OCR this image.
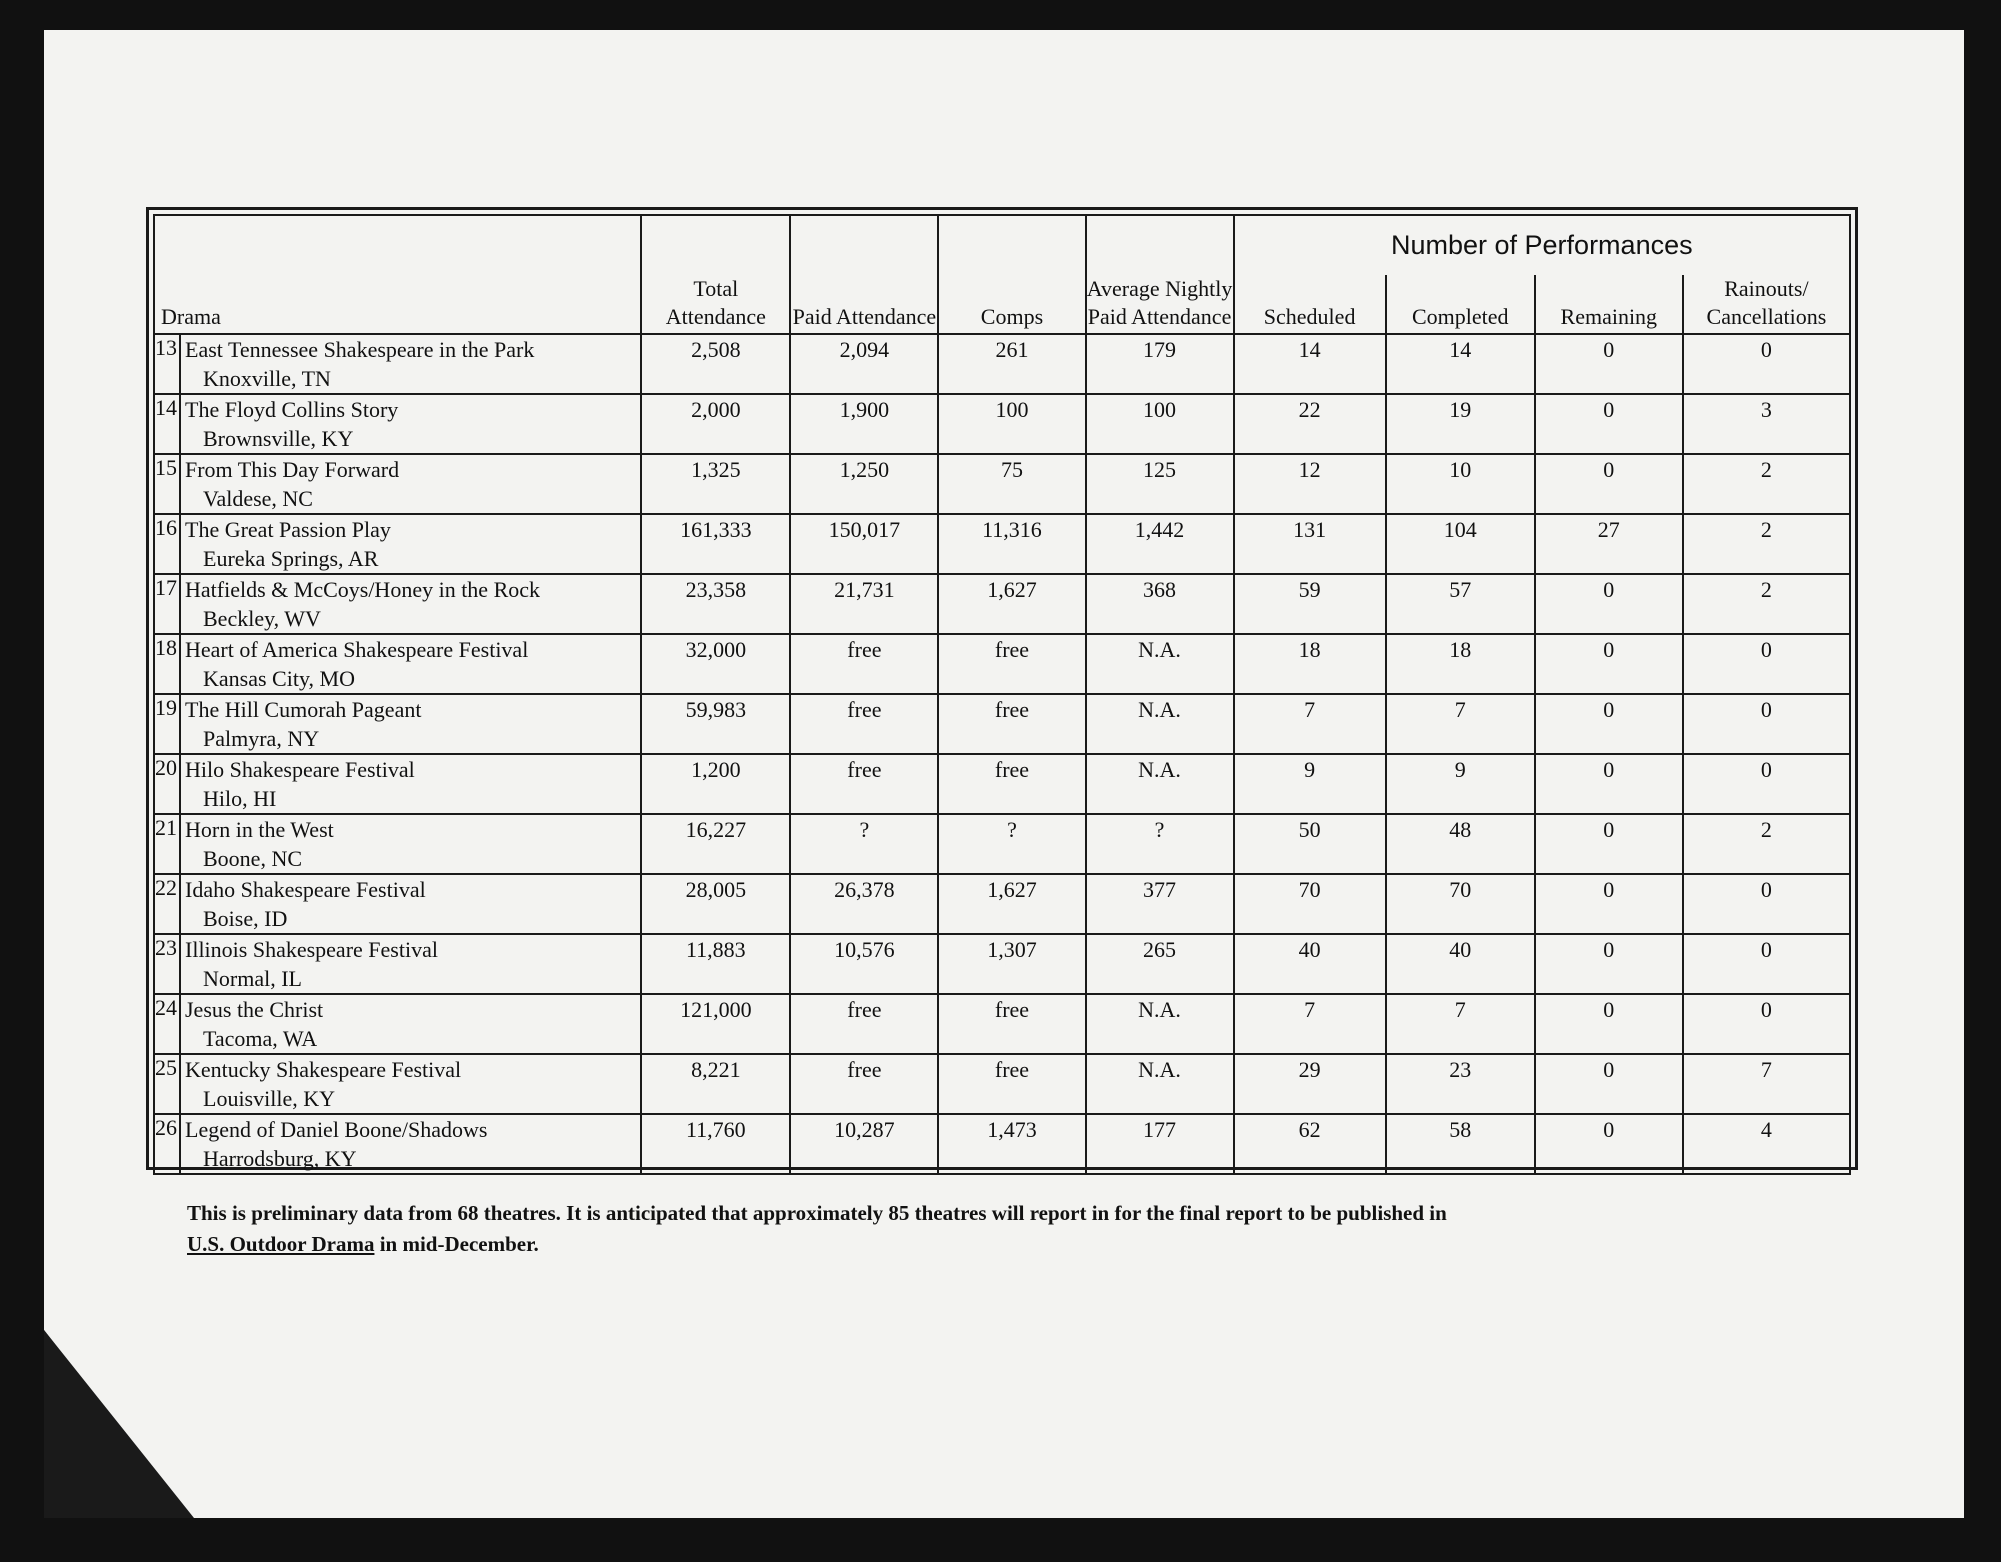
Drama		Total Attendance	Paid Attendance	Comps	Average Nightly Paid Attendance	Number of Performances			
						Scheduled	Completed	Remaining	Rainouts/ Cancellations
13	East Tennessee Shakespeare in the Park
Knoxville, TN	2,508	2,094	261	179	14	14	0	0
14	The Floyd Collins Story
Brownsville, KY	2,000	1,900	100	100	22	19	0	3
15	From This Day Forward
Valdese, NC	1,325	1,250	75	125	12	10	0	2
16	The Great Passion Play
Eureka Springs, AR	161,333	150,017	11,316	1,442	131	104	27	2
17	Hatfields & McCoys/Honey in the Rock
Beckley, WV	23,358	21,731	1,627	368	59	57	0	2
18	Heart of America Shakespeare Festival
Kansas City, MO	32,000	free	free	N.A.	18	18	0	0
19	The Hill Cumorah Pageant
Palmyra, NY	59,983	free	free	N.A.	7	7	0	0
20	Hilo Shakespeare Festival
Hilo, HI	1,200	free	free	N.A.	9	9	0	0
21	Horn in the West
Boone, NC	16,227	?	?	?	50	48	0	2
22	Idaho Shakespeare Festival
Boise, ID	28,005	26,378	1,627	377	70	70	0	0
23	Illinois Shakespeare Festival
Normal, IL	11,883	10,576	1,307	265	40	40	0	0
24	Jesus the Christ
Tacoma, WA	121,000	free	free	N.A.	7	7	0	0
25	Kentucky Shakespeare Festival
Louisville, KY	8,221	free	free	N.A.	29	23	0	7
26	Legend of Daniel Boone/Shadows
Harrodsburg, KY	11,760	10,287	1,473	177	62	58	0	4
This is preliminary data from 68 theatres. It is anticipated that approximately 85 theatres will report in for the final report to be published in
U.S. Outdoor Drama in mid-December.
